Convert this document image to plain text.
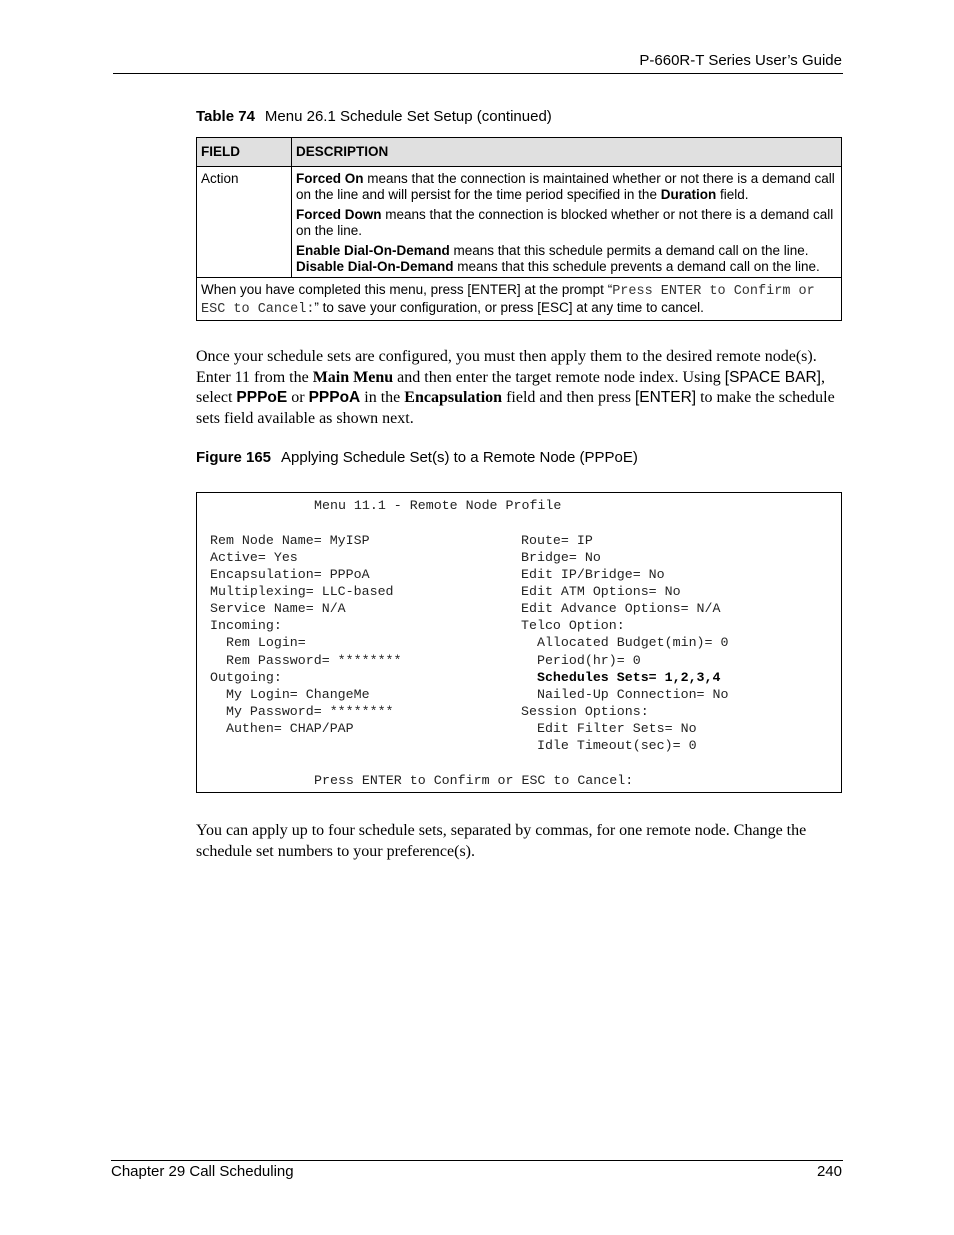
P-660R-T Series User’s Guide
Table 74 Menu 26.1 Schedule Set Setup (continued)
FIELD	DESCRIPTION
Action	Forced On means that the connection is maintained whether or not there is a demand call on the line and will persist for the time period specified in the Duration field.

Forced Down means that the connection is blocked whether or not there is a demand call on the line.

Enable Dial-On-Demand means that this schedule permits a demand call on the line.
Disable Dial-On-Demand means that this schedule prevents a demand call on the line.

When you have completed this menu, press [ENTER] at the prompt “Press ENTER to Confirm or ESC to Cancel:” to save your configuration, or press [ESC] at any time to cancel.	
Once your schedule sets are configured, you must then apply them to the desired remote node(s). Enter 11 from the Main Menu and then enter the target remote node index. Using [SPACE BAR], select PPPoE or PPPoA in the Encapsulation field and then press [ENTER] to make the schedule sets field available as shown next.
Figure 165 Applying Schedule Set(s) to a Remote Node (PPPoE)
Menu 11.1 - Remote Node Profile
Rem Node Name= MyISP
Active= Yes
Encapsulation= PPPoA
Multiplexing= LLC-based
Service Name= N/A
Incoming:
Rem Login=
Rem Password= ********
Outgoing:
My Login= ChangeMe
My Password= ********
Authen= CHAP/PAP
Route= IP
Bridge= No
Edit IP/Bridge= No
Edit ATM Options= No
Edit Advance Options= N/A
Telco Option:
Allocated Budget(min)= 0
Period(hr)= 0
Schedules Sets= 1,2,3,4
Nailed-Up Connection= No
Session Options:
Edit Filter Sets= No
Idle Timeout(sec)= 0
Press ENTER to Confirm or ESC to Cancel:
You can apply up to four schedule sets, separated by commas, for one remote node. Change the schedule set numbers to your preference(s).
Chapter 29 Call Scheduling	240
